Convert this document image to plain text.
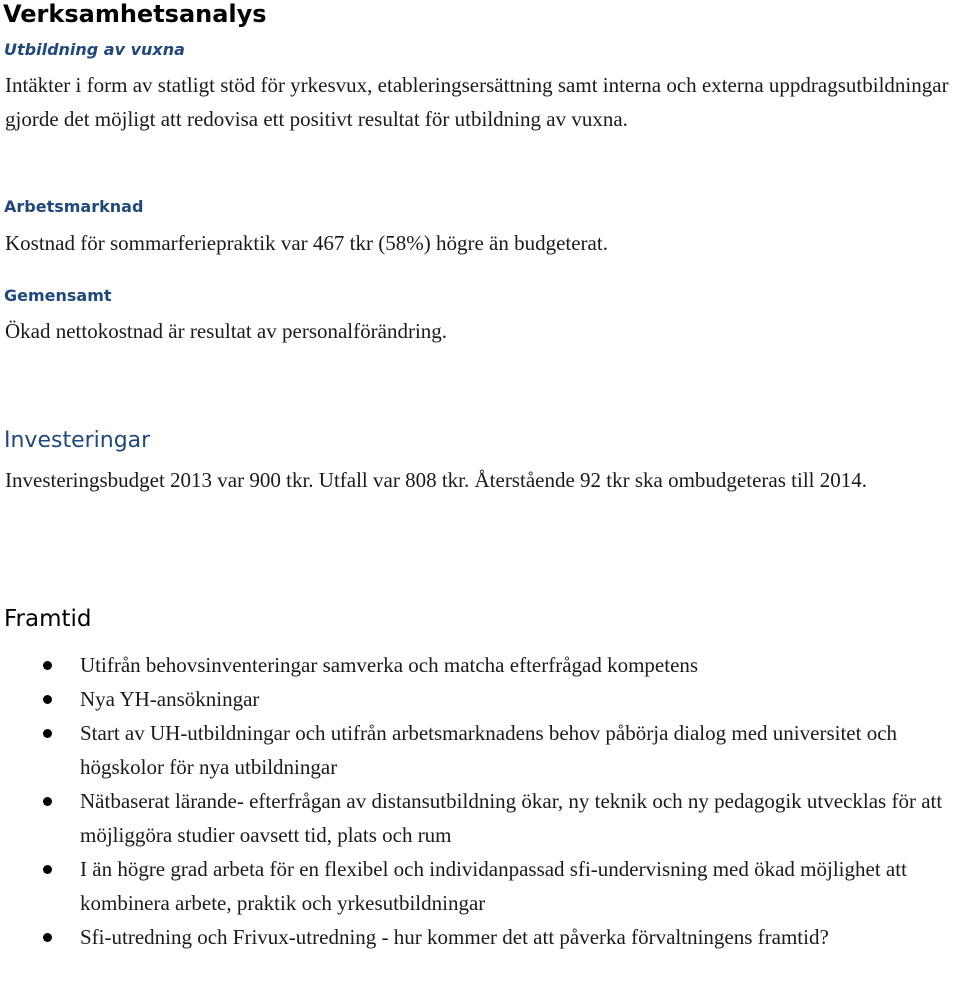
Verksamhetsanalys
Utbildning av vuxna

Intäkter i form av statligt stöd för yrkesvux, etableringsersättning samt interna och externa uppdragsutbildningar gjorde det möjligt att redovisa ett positivt resultat för utbildning av vuxna.

Arbetsmarknad

Kostnad för sommarferiepraktik var 467 tkr (58%) högre än budgeterat.

Gemensamt

Ökad nettokostnad är resultat av personalförändring.

Investeringar

Investeringsbudget 2013 var 900 tkr. Utfall var 808 tkr. Återstående 92 tkr ska ombudgeteras till 2014.

Framtid
Utifrån behovsinventeringar samverka och matcha efterfrågad kompetens
Nya YH-ansökningar
Start av UH-utbildningar och utifrån arbetsmarknadens behov påbörja dialog med universitet och högskolor för nya utbildningar
Nätbaserat lärande- efterfrågan av distansutbildning ökar, ny teknik och ny pedagogik utvecklas för att möjliggöra studier oavsett tid, plats och rum
I än högre grad arbeta för en flexibel och individanpassad sfi-undervisning med ökad möjlighet att kombinera arbete, praktik och yrkesutbildningar
Sfi-utredning och Frivux-utredning - hur kommer det att påverka förvaltningens framtid?
